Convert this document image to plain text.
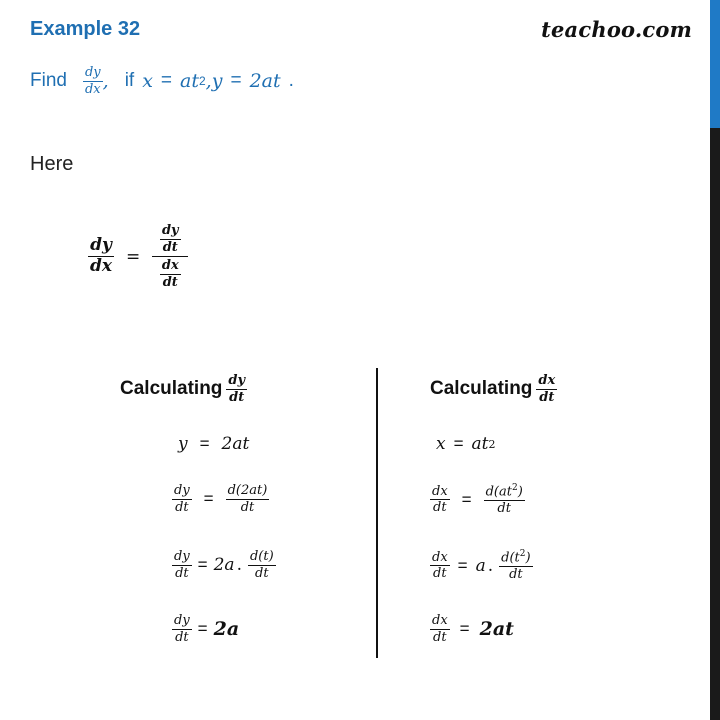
Example 32	teachoo.com
Find $\frac{dy}{dx}$ , if x = at 2 ,y = 2at .
Here
$\frac{dy}{dx}$ =
$\frac{dy}{dt}$
$\frac{dx}{dt}$
Calculating $\frac{dy}{dt}$
y = 2at
$\frac{dy}{dt} = \frac{d(2at)}{dt}$
$\frac{dy}{dt} = 2a$ . $\frac{d(t)}{dt}$
$\frac{dy}{dt} = 2a$
Calculating $\frac{dx}{dt}$
x = at 2
$\frac{dx}{dt} = \frac{d(at^2)}{dt}$
$\frac{dx}{dt} = a$ . $\frac{d(t^2)}{dt}$
$\frac{dx}{dt} = 2at$
